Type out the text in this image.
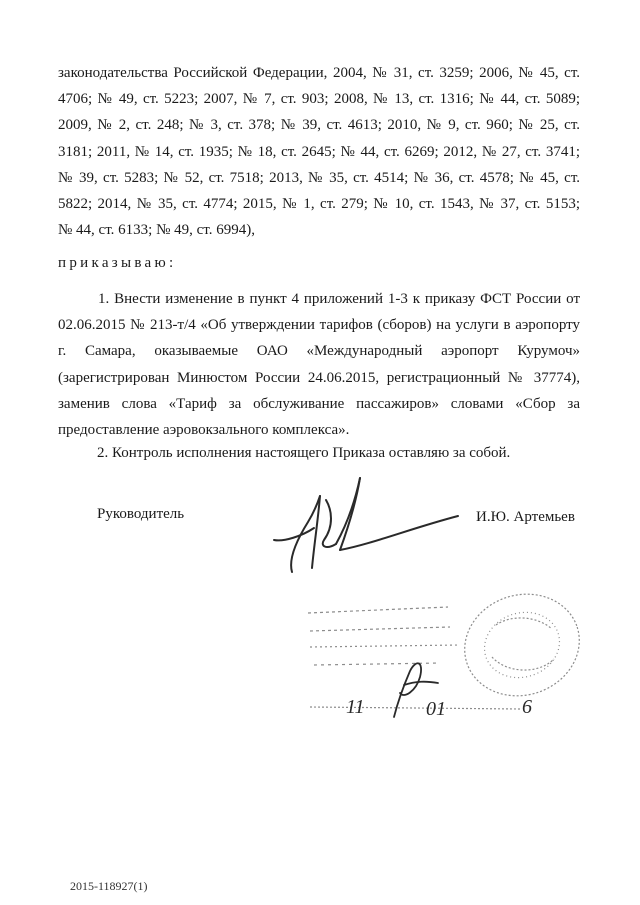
законодательства Российской Федерации, 2004, № 31, ст. 3259; 2006, № 45, ст.
4706; № 49, ст. 5223; 2007, № 7, ст. 903; 2008, № 13, ст. 1316; № 44, ст. 5089;
2009, № 2, ст. 248; № 3, ст. 378; № 39, ст. 4613; 2010, № 9, ст. 960; № 25, ст.
3181; 2011, № 14, ст. 1935; № 18, ст. 2645; № 44, ст. 6269; 2012, № 27, ст. 3741;
№ 39, ст. 5283; № 52, ст. 7518; 2013, № 35, ст. 4514; № 36, ст. 4578; № 45, ст.
5822; 2014, № 35, ст. 4774; 2015, № 1, ст. 279; № 10, ст. 1543, № 37, ст. 5153;
№ 44, ст. 6133; № 49, ст. 6994),
приказываю:
1. Внести изменение в пункт 4 приложений 1-3 к приказу ФСТ России от
02.06.2015 № 213-т/4 «Об утверждении тарифов (сборов) на услуги в аэропорту
г. Самара, оказываемые ОАО «Международный аэропорт Курумоч»
(зарегистрирован Минюстом России 24.06.2015, регистрационный № 37774),
заменив слова «Тариф за обслуживание пассажиров» словами «Сбор за
предоставление аэровокзального комплекса».
2. Контроль исполнения настоящего Приказа оставляю за собой.
Руководитель	И.Ю. Артемьев
11	01	6
2015-118927(1)
